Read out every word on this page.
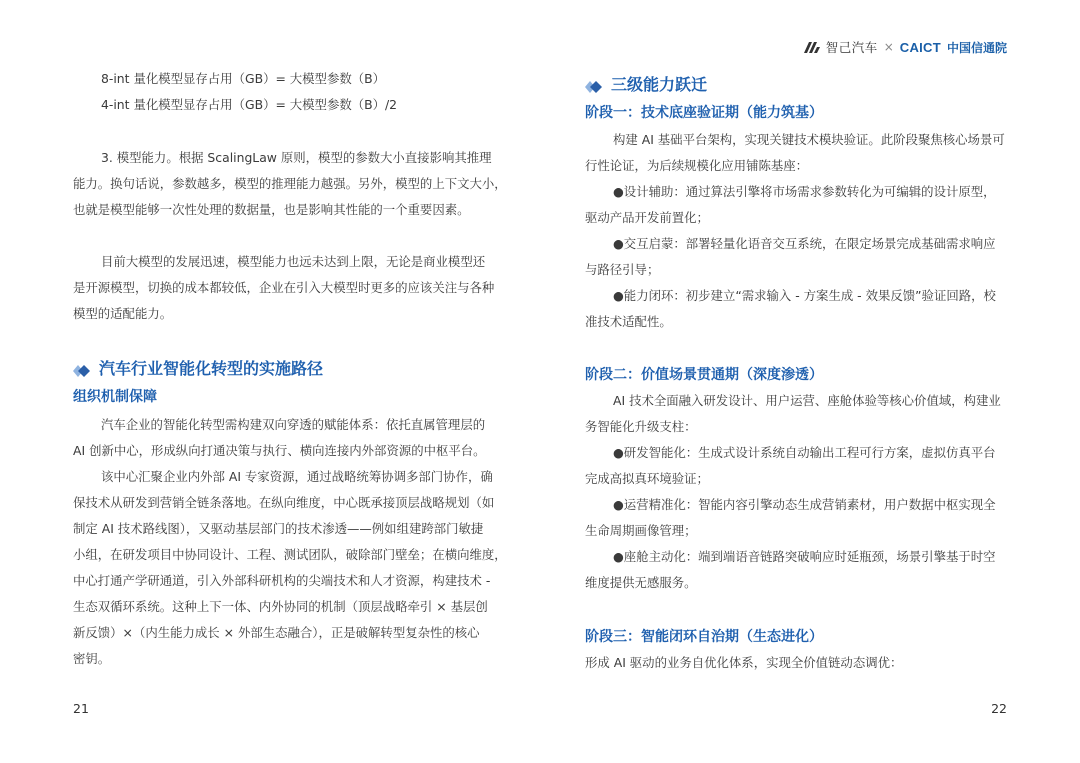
智己汽车 × CAICT 中国信通院
8-int 量化模型显存占用（GB）= 大模型参数（B）
4-int 量化模型显存占用（GB）= 大模型参数（B）/2
3. 模型能力。根据 ScalingLaw 原则，模型的参数大小直接影响其推理
能力。换句话说，参数越多，模型的推理能力越强。另外，模型的上下文大小，
也就是模型能够一次性处理的数据量，也是影响其性能的一个重要因素。
目前大模型的发展迅速，模型能力也远未达到上限，无论是商业模型还
是开源模型，切换的成本都较低，企业在引入大模型时更多的应该关注与各种
模型的适配能力。
汽车行业智能化转型的实施路径
组织机制保障
汽车企业的智能化转型需构建双向穿透的赋能体系：依托直属管理层的
AI 创新中心，形成纵向打通决策与执行、横向连接内外部资源的中枢平台。
该中心汇聚企业内外部 AI 专家资源，通过战略统筹协调多部门协作，确
保技术从研发到营销全链条落地。在纵向维度，中心既承接顶层战略规划（如
制定 AI 技术路线图），又驱动基层部门的技术渗透——例如组建跨部门敏捷
小组，在研发项目中协同设计、工程、测试团队，破除部门壁垒；在横向维度，
中心打通产学研通道，引入外部科研机构的尖端技术和人才资源，构建技术 -
生态双循环系统。这种上下一体、内外协同的机制（顶层战略牵引 × 基层创
新反馈）×（内生能力成长 × 外部生态融合），正是破解转型复杂性的核心
密钥。
21
三级能力跃迁
阶段一：技术底座验证期（能力筑基）
构建 AI 基础平台架构，实现关键技术模块验证。此阶段聚焦核心场景可
行性论证，为后续规模化应用铺陈基座：
●设计辅助：通过算法引擎将市场需求参数转化为可编辑的设计原型，
驱动产品开发前置化；
●交互启蒙：部署轻量化语音交互系统，在限定场景完成基础需求响应
与路径引导；
●能力闭环：初步建立“需求输入 - 方案生成 - 效果反馈”验证回路，校
准技术适配性。
阶段二：价值场景贯通期（深度渗透）
AI 技术全面融入研发设计、用户运营、座舱体验等核心价值域，构建业
务智能化升级支柱：
●研发智能化：生成式设计系统自动输出工程可行方案，虚拟仿真平台
完成高拟真环境验证；
●运营精准化：智能内容引擎动态生成营销素材，用户数据中枢实现全
生命周期画像管理；
●座舱主动化：端到端语音链路突破响应时延瓶颈，场景引擎基于时空
维度提供无感服务。
阶段三：智能闭环自治期（生态进化）
形成 AI 驱动的业务自优化体系，实现全价值链动态调优：
22
